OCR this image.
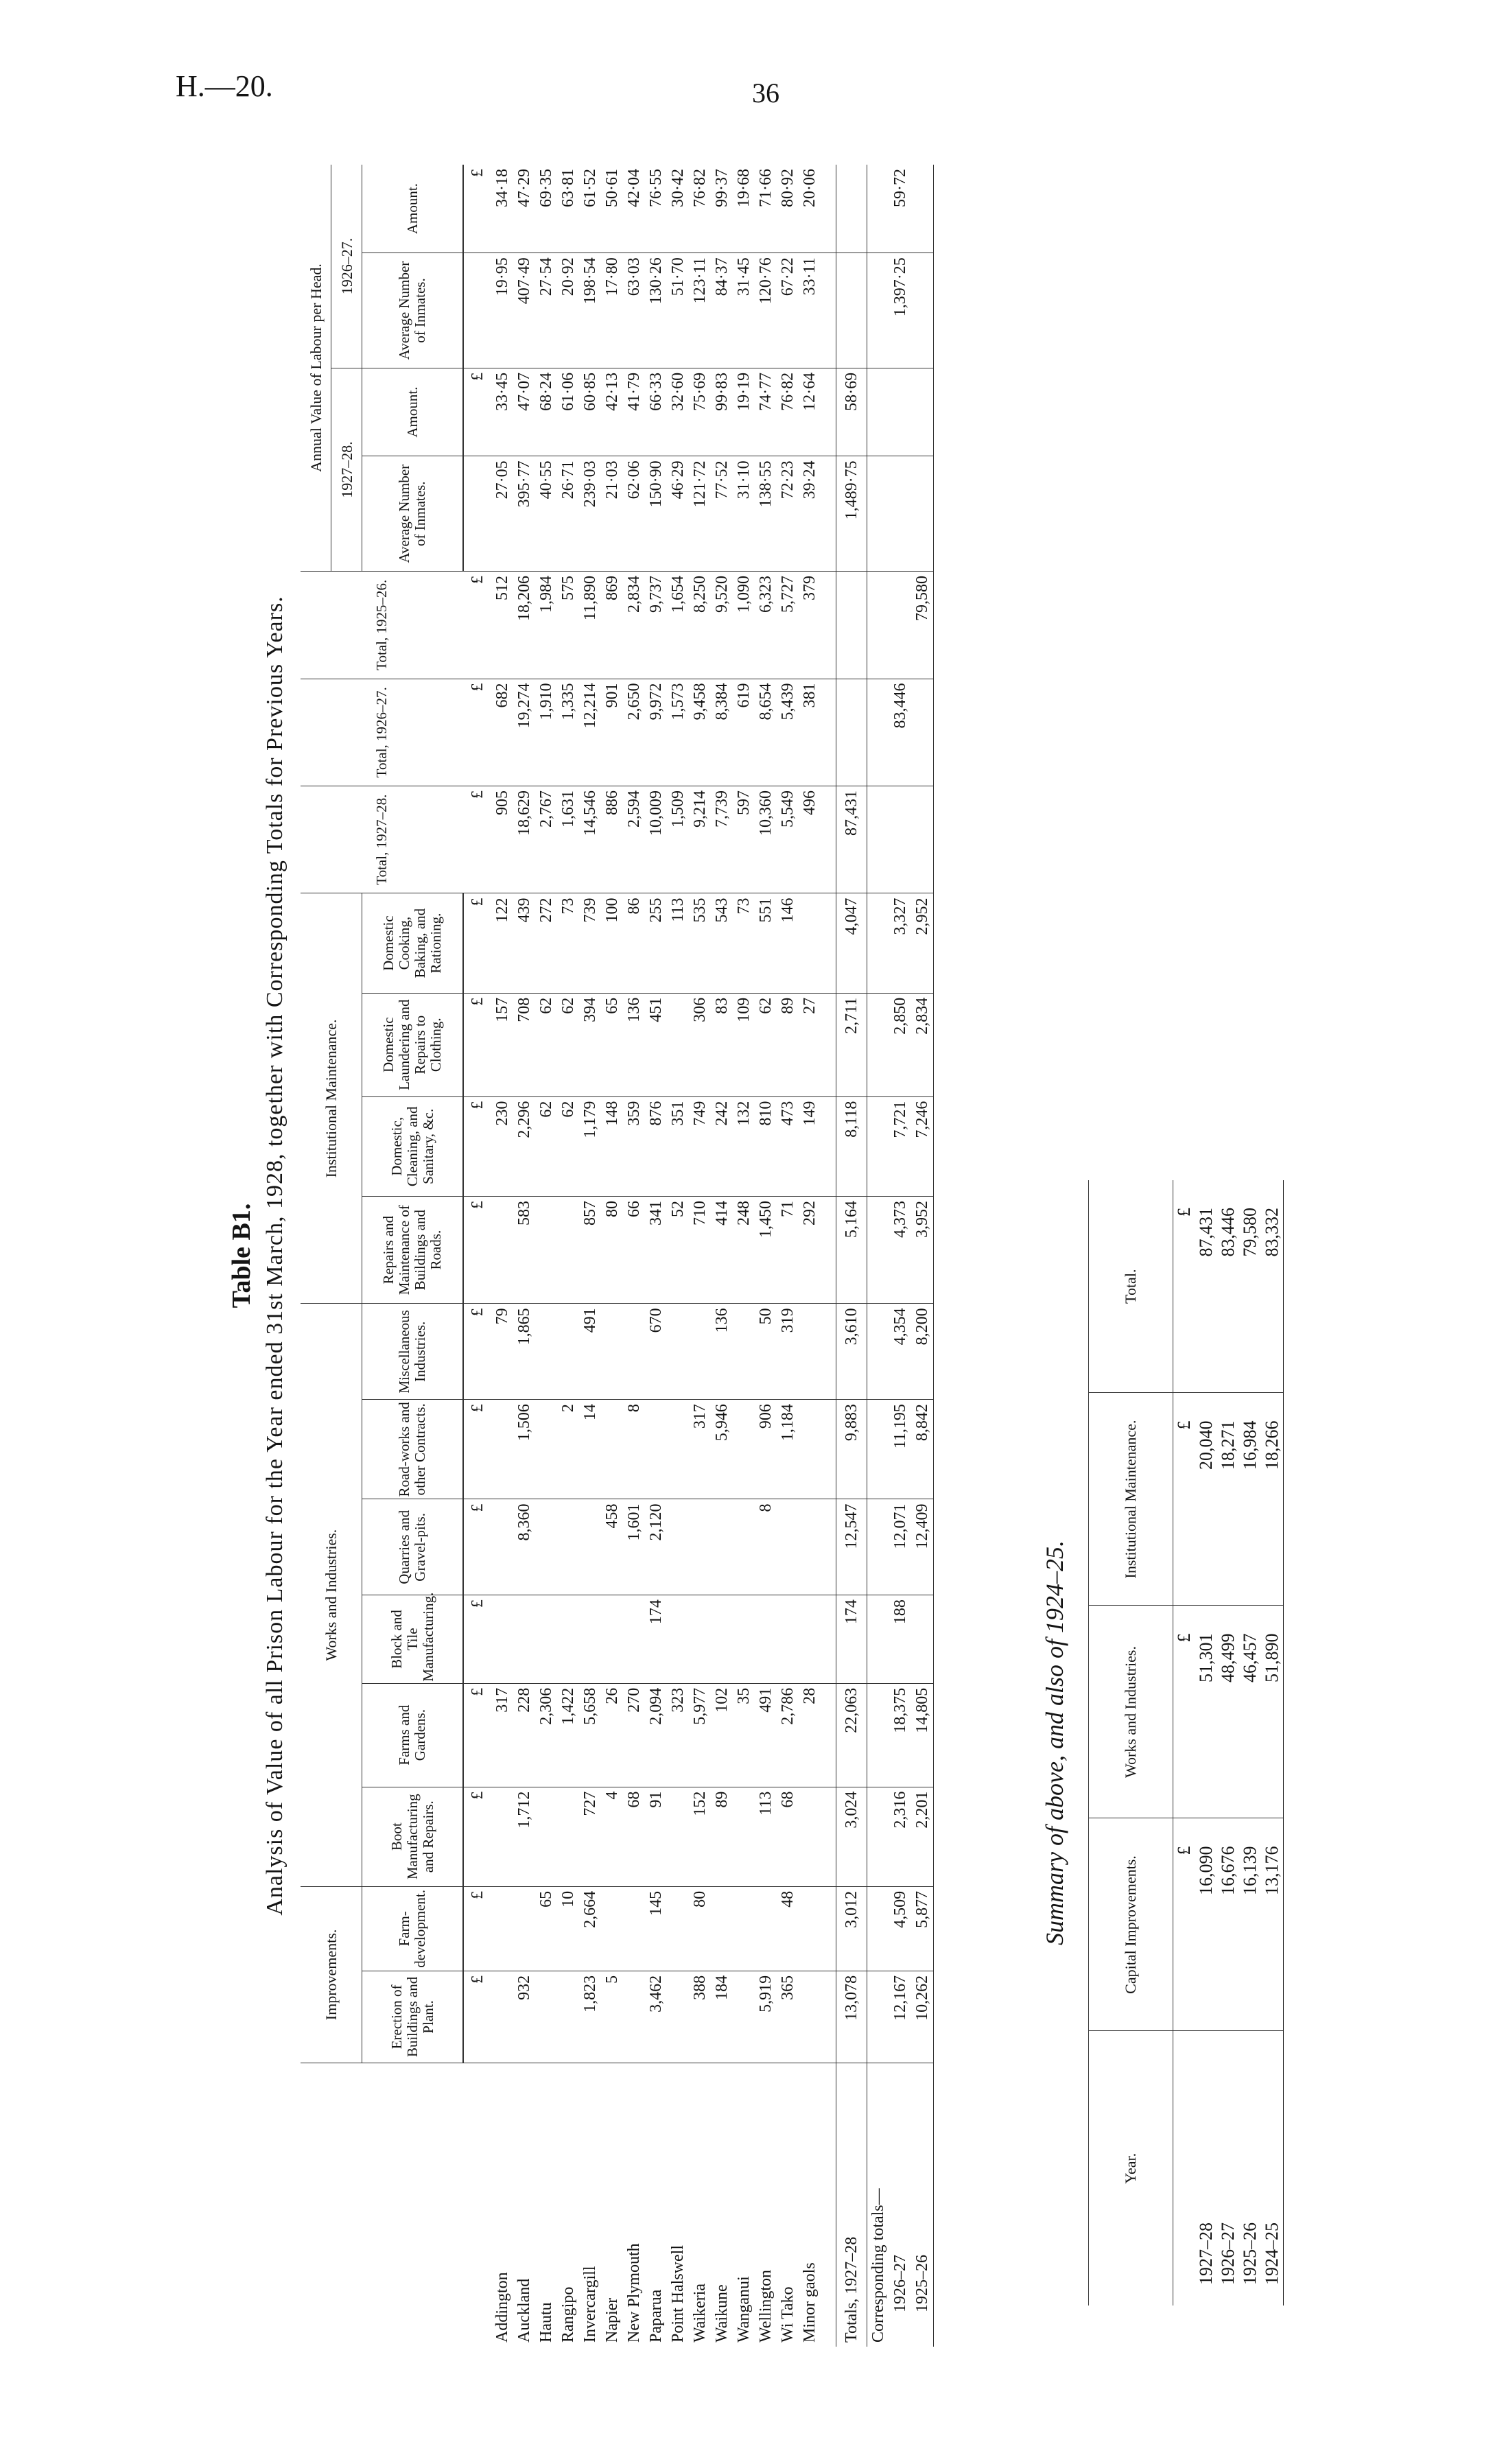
H.—20.	36
Table B1. Analysis of Value of all Prison Labour for the Year ended 31st March, 1928, together with Corresponding Totals for Previous Years.
	Improvements.		Works and Industries.						Institutional Maintenance.				Total, 1927–28.	Total, 1926–27.	Total, 1925–26.	Annual Value of Labour per Head.			
																1927–28.		1926–27.	
	Erection of Buildings and Plant.	Farm-development.	Boot Manufacturing and Repairs.	Farms and Gardens.	Block and Tile Manufacturing.	Quarries and Gravel-pits.	Road-works and other Contracts.	Miscellaneous Industries.	Repairs and Maintenance of Buildings and Roads.	Domestic, Cleaning, and Sanitary, &c.	Domestic Laundering and Repairs to Clothing.	Domestic Cooking, Baking, and Rationing.				Average Number of Inmates.	Amount.	Average Number of Inmates.	Amount.
	£	£	£	£	£	£	£	£	£	£	£	£	£	£	£		£		£
Addington				317				79		230	157	122	905	682	512	27·05	33·45	19·95	34·18
Auckland	932		1,712	228		8,360	1,506	1,865	583	2,296	708	439	18,629	19,274	18,206	395·77	47·07	407·49	47·29
Hautu		65		2,306						62	62	272	2,767	1,910	1,984	40·55	68·24	27·54	69·35
Rangipo		10		1,422			2			62	62	73	1,631	1,335	575	26·71	61·06	20·92	63·81
Invercargill	1,823	2,664	727	5,658			14	491	857	1,179	394	739	14,546	12,214	11,890	239·03	60·85	198·54	61·52
Napier	5		4	26		458			80	148	65	100	886	901	869	21·03	42·13	17·80	50·61
New Plymouth			68	270		1,601	8		66	359	136	86	2,594	2,650	2,834	62·06	41·79	63·03	42·04
Paparua	3,462	145	91	2,094	174	2,120		670	341	876	451	255	10,009	9,972	9,737	150·90	66·33	130·26	76·55
Point Halswell				323					52	351		113	1,509	1,573	1,654	46·29	32·60	51·70	30·42
Waikeria	388	80	152	5,977			317		710	749	306	535	9,214	9,458	8,250	121·72	75·69	123·11	76·82
Waikune	184		89	102			5,946	136	414	242	83	543	7,739	8,384	9,520	77·52	99·83	84·37	99·37
Wanganui				35					248	132	109	73	597	619	1,090	31·10	19·19	31·45	19·68
Wellington	5,919		113	491		8	906	50	1,450	810	62	551	10,360	8,654	6,323	138·55	74·77	120·76	71·66
Wi Tako	365	48	68	2,786			1,184	319	71	473	89	146	5,549	5,439	5,727	72·23	76·82	67·22	80·92
Minor gaols				28					292	149	27		496	381	379	39·24	12·64	33·11	20·06

Totals, 1927–28	13,078	3,012	3,024	22,063	174	12,547	9,883	3,610	5,164	8,118	2,711	4,047	87,431			1,489·75	58·69		
Corresponding totals—																			
1926–27	12,167	4,509	2,316	18,375	188	12,071	11,195	4,354	4,373	7,721	2,850	3,327		83,446				1,397·25	59·72
1925–26	10,262	5,877	2,201	14,805		12,409	8,842	8,200	3,952	7,246	2,834	2,952			79,580				
Summary of above, and also of 1924–25.
Year.	Capital Improvements.	Works and Industries.	Institutional Maintenance.	Total.
	£	£	£	£
1927–28	16,090	51,301	20,040	87,431
1926–27	16,676	48,499	18,271	83,446
1925–26	16,139	46,457	16,984	79,580
1924–25	13,176	51,890	18,266	83,332
